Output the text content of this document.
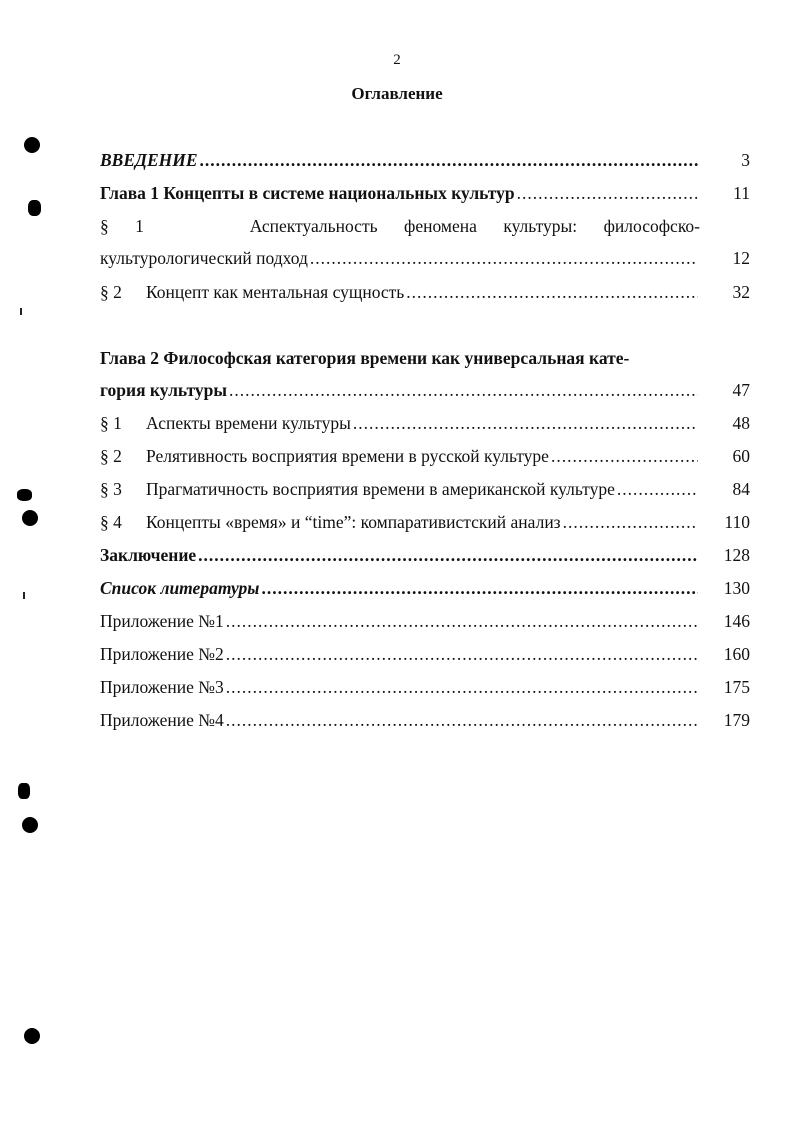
2
Оглавление
ВВЕДЕНИЕ .....	3
Глава 1 Концепты в системе национальных культур .....	11
§ 1	Аспектуальность феномена культуры: философско-
культурологический подход .....	12
§ 2	Концепт как ментальная сущность .....	32
Глава 2 Философская категория времени как универсальная кате-
гория культуры .....	47
§ 1	Аспекты времени культуры .....	48
§ 2	Релятивность восприятия времени в русской культуре .....	60
§ 3	Прагматичность восприятия времени в американской культуре .....	84
§ 4	Концепты «время» и “time”: компаративистский анализ .....	110
Заключение .....	128
Список литературы .....	130
Приложение №1 .....	146
Приложение №2 .....	160
Приложение №3 .....	175
Приложение №4 .....	179
